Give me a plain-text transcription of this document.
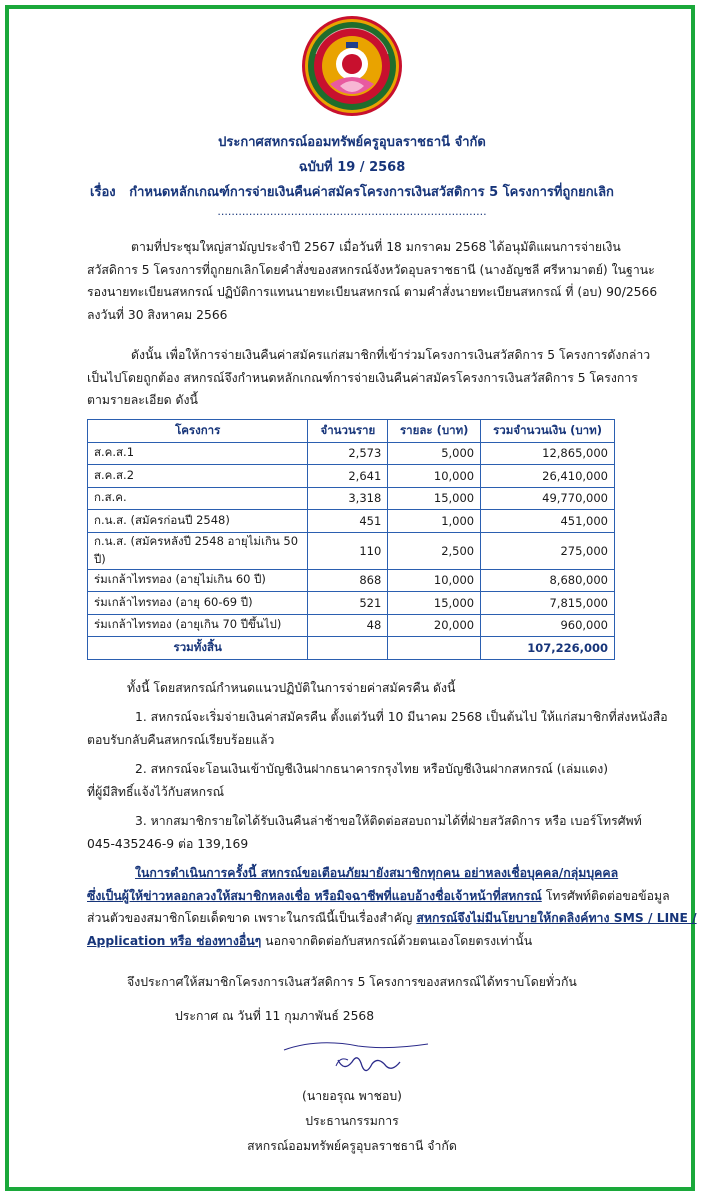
ประกาศสหกรณ์ออมทรัพย์ครูอุบลราชธานี จำกัด
ฉบับที่ 19 / 2568
เรื่อง กำหนดหลักเกณฑ์การจ่ายเงินคืนค่าสมัครโครงการเงินสวัสดิการ 5 โครงการที่ถูกยกเลิก
.............................................................................
ตามที่ประชุมใหญ่สามัญประจำปี 2567 เมื่อวันที่ 18 มกราคม 2568 ได้อนุมัติแผนการจ่ายเงิน
สวัสดิการ 5 โครงการที่ถูกยกเลิกโดยคำสั่งของสหกรณ์จังหวัดอุบลราชธานี (นางอัญชลี ศรีหามาตย์) ในฐานะ
รองนายทะเบียนสหกรณ์ ปฏิบัติการแทนนายทะเบียนสหกรณ์ ตามคำสั่งนายทะเบียนสหกรณ์ ที่ (อบ) 90/2566
ลงวันที่ 30 สิงหาคม 2566
ดังนั้น เพื่อให้การจ่ายเงินคืนค่าสมัครแก่สมาชิกที่เข้าร่วมโครงการเงินสวัสดิการ 5 โครงการดังกล่าว
เป็นไปโดยถูกต้อง สหกรณ์จึงกำหนดหลักเกณฑ์การจ่ายเงินคืนค่าสมัครโครงการเงินสวัสดิการ 5 โครงการ
ตามรายละเอียด ดังนี้
โครงการ	จำนวนราย	รายละ (บาท)	รวมจำนวนเงิน (บาท)
ส.ค.ส.1	2,573	5,000	12,865,000
ส.ค.ส.2	2,641	10,000	26,410,000
ก.ส.ค.	3,318	15,000	49,770,000
ก.น.ส. (สมัครก่อนปี 2548)	451	1,000	451,000
ก.น.ส. (สมัครหลังปี 2548 อายุไม่เกิน 50 ปี)	110	2,500	275,000
ร่มเกล้าไทรทอง (อายุไม่เกิน 60 ปี)	868	10,000	8,680,000
ร่มเกล้าไทรทอง (อายุ 60-69 ปี)	521	15,000	7,815,000
ร่มเกล้าไทรทอง (อายุเกิน 70 ปีขึ้นไป)	48	20,000	960,000
รวมทั้งสิ้น			107,226,000
ทั้งนี้ โดยสหกรณ์กำหนดแนวปฏิบัติในการจ่ายค่าสมัครคืน ดังนี้
1. สหกรณ์จะเริ่มจ่ายเงินค่าสมัครคืน ตั้งแต่วันที่ 10 มีนาคม 2568 เป็นต้นไป ให้แก่สมาชิกที่ส่งหนังสือ
ตอบรับกลับคืนสหกรณ์เรียบร้อยแล้ว
2. สหกรณ์จะโอนเงินเข้าบัญชีเงินฝากธนาคารกรุงไทย หรือบัญชีเงินฝากสหกรณ์ (เล่มแดง)
ที่ผู้มีสิทธิ์แจ้งไว้กับสหกรณ์
3. หากสมาชิกรายใดได้รับเงินคืนล่าช้าขอให้ติดต่อสอบถามได้ที่ฝ่ายสวัสดิการ หรือ เบอร์โทรศัพท์
045-435246-9 ต่อ 139,169
ในการดำเนินการครั้งนี้ สหกรณ์ขอเตือนภัยมายังสมาชิกทุกคน อย่าหลงเชื่อบุคคล/กลุ่มบุคคล
ซึ่งเป็นผู้ให้ข่าวหลอกลวงให้สมาชิกหลงเชื่อ หรือมิจฉาชีพที่แอบอ้างชื่อเจ้าหน้าที่สหกรณ์ โทรศัพท์ติดต่อขอข้อมูล
ส่วนตัวของสมาชิกโดยเด็ดขาด เพราะในกรณีนี้เป็นเรื่องสำคัญ สหกรณ์จึงไม่มีนโยบายให้กดลิงค์ทาง SMS / LINE /
Application หรือ ช่องทางอื่นๆ นอกจากติดต่อกับสหกรณ์ด้วยตนเองโดยตรงเท่านั้น
จึงประกาศให้สมาชิกโครงการเงินสวัสดิการ 5 โครงการของสหกรณ์ได้ทราบโดยทั่วกัน
ประกาศ ณ วันที่ 11 กุมภาพันธ์ 2568
(นายอรุณ พาชอบ)
ประธานกรรมการ
สหกรณ์ออมทรัพย์ครูอุบลราชธานี จำกัด
